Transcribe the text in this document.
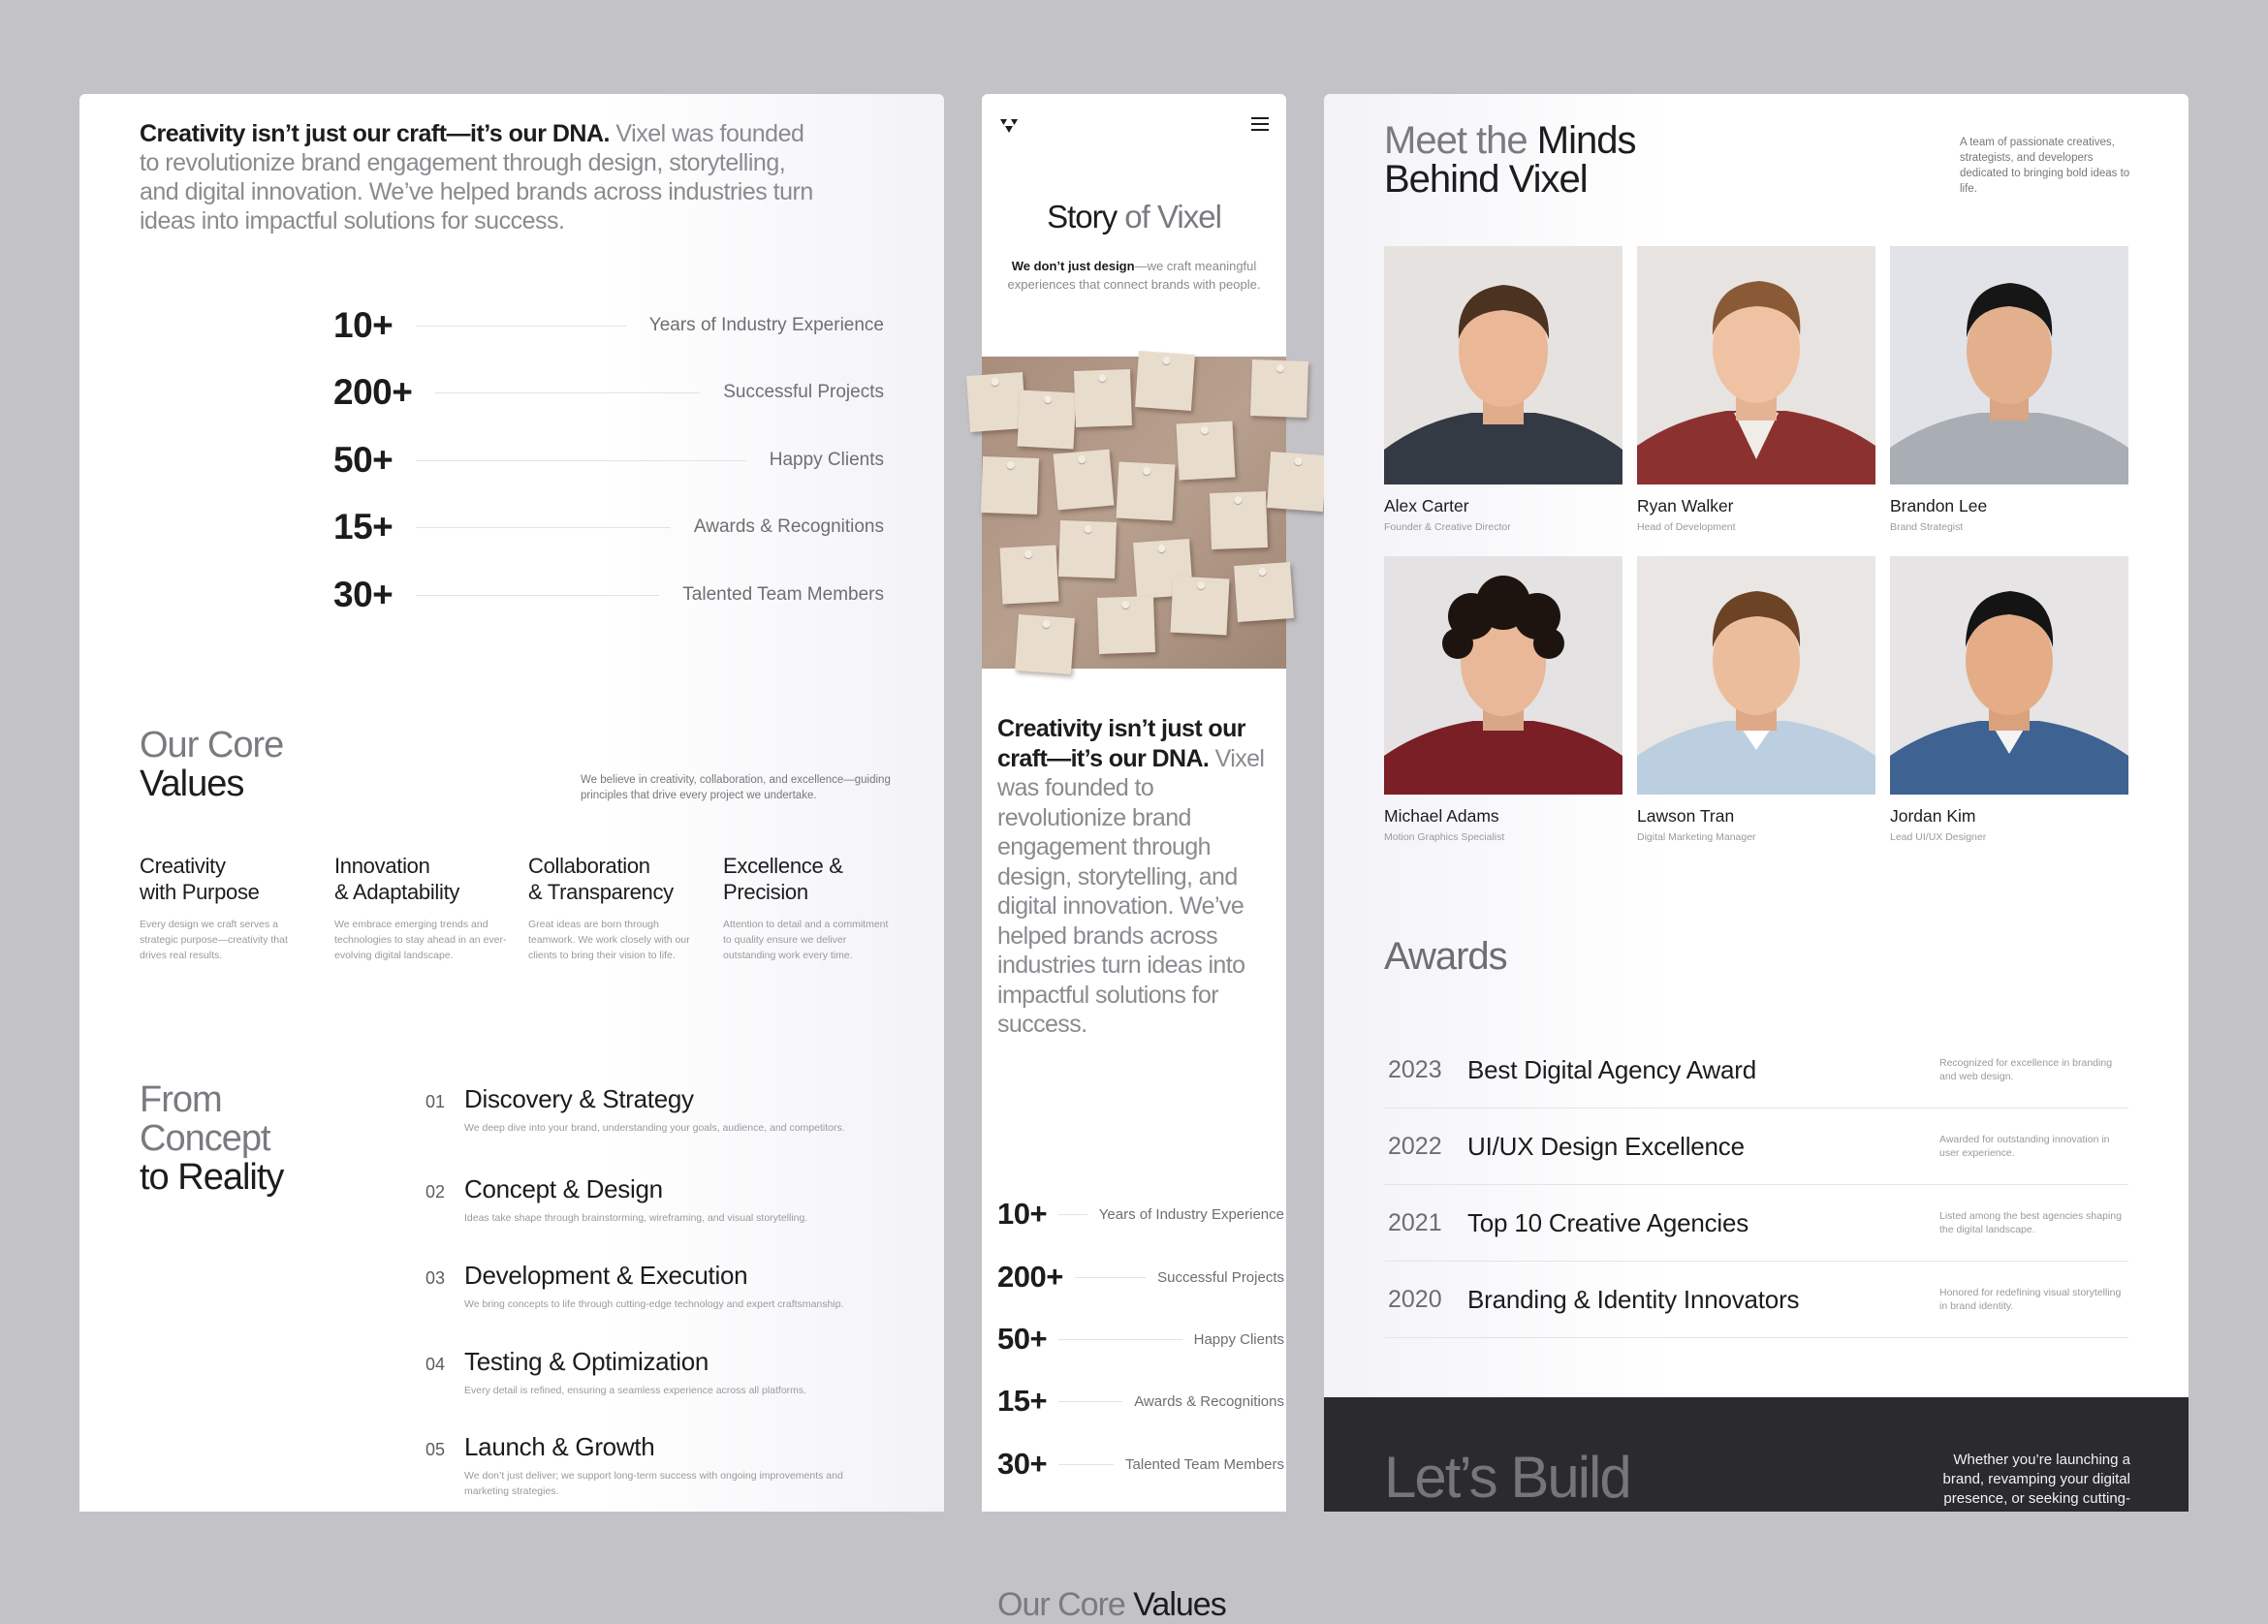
Creativity isn’t just our craft—it’s our DNA. Vixel was founded to revolutionize brand engagement through design, storytelling, and digital innovation. We’ve helped brands across industries turn ideas into impactful solutions for success.

10+	Years of Industry Experience
200+	Successful Projects
50+	Happy Clients
15+	Awards & Recognitions
30+	Talented Team Members
Our Core
Values	We believe in creativity, collaboration, and excellence—guiding principles that drive every project we undertake.

Creativity
with Purpose

Every design we craft serves a strategic purpose—creativity that drives real results.

Innovation
& Adaptability

We embrace emerging trends and technologies to stay ahead in an ever-evolving digital landscape.

Collaboration
& Transparency

Great ideas are born through teamwork. We work closely with our clients to bring their vision to life.

Excellence &
Precision

Attention to detail and a commitment to quality ensure we deliver outstanding work every time.

From
Concept
to Reality
01 Discovery & Strategy

We deep dive into your brand, understanding your goals, audience, and competitors.

02 Concept & Design

Ideas take shape through brainstorming, wireframing, and visual storytelling.

03 Development & Execution

We bring concepts to life through cutting-edge technology and expert craftsmanship.

04 Testing & Optimization

Every detail is refined, ensuring a seamless experience across all platforms.

05 Launch & Growth

We don’t just deliver; we support long-term success with ongoing improvements and marketing strategies.

Story of Vixel

We don’t just design—we craft meaningful experiences that connect brands with people.

Creativity isn’t just our craft—it’s our DNA. Vixel was founded to revolutionize brand engagement through design, storytelling, and digital innovation. We’ve helped brands across industries turn ideas into impactful solutions for success.

10+	Years of Industry Experience
200+	Successful Projects
50+	Happy Clients
15+	Awards & Recognitions
30+	Talented Team Members
Our Core Values
Meet the Minds
Behind Vixel

A team of passionate creatives, strategists, and developers dedicated to bringing bold ideas to life.

Alex Carter
Founder & Creative Director
Ryan Walker
Head of Development
Brandon Lee
Brand Strategist
Michael Adams
Motion Graphics Specialist
Lawson Tran
Digital Marketing Manager
Jordan Kim
Lead UI/UX Designer
Awards
2023	Best Digital Agency Award	Recognized for excellence in branding and web design.
2022	UI/UX Design Excellence	Awarded for outstanding innovation in user experience.
2021	Top 10 Creative Agencies	Listed among the best agencies shaping the digital landscape.
2020	Branding & Identity Innovators	Honored for redefining visual storytelling in brand identity.
Let’s Build	Whether you’re launching a brand, revamping your digital presence, or seeking cutting-
